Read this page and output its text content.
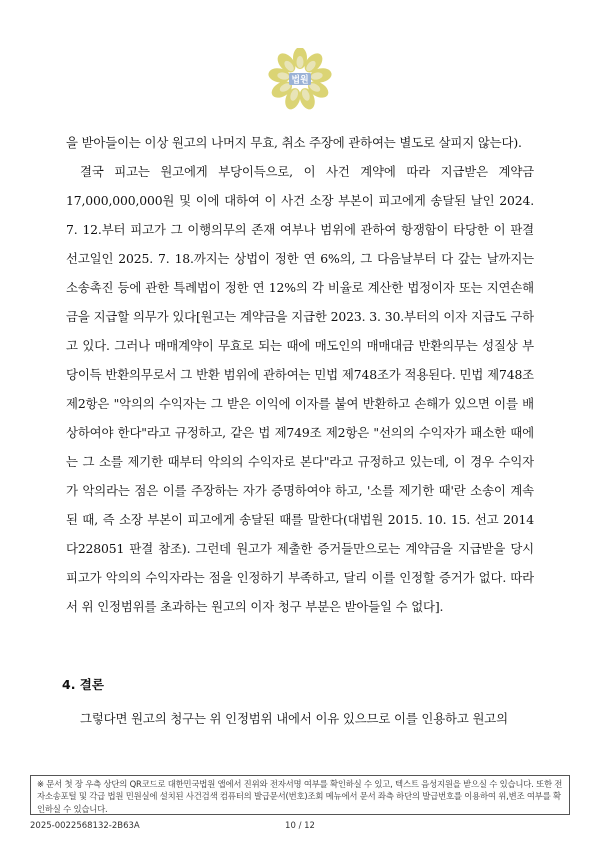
법원

을 받아들이는 이상 원고의 나머지 무효, 취소 주장에 관하여는 별도로 살피지 않는다).

결국 피고는 원고에게 부당이득으로, 이 사건 계약에 따라 지급받은 계약금 17,000,000,000원 및 이에 대하여 이 사건 소장 부본이 피고에게 송달된 날인 2024. 7. 12.부터 피고가 그 이행의무의 존재 여부나 범위에 관하여 항쟁함이 타당한 이 판결 선고일인 2025. 7. 18.까지는 상법이 정한 연 6%의, 그 다음날부터 다 갚는 날까지는 소송촉진 등에 관한 특례법이 정한 연 12%의 각 비율로 계산한 법정이자 또는 지연손해금을 지급할 의무가 있다[원고는 계약금을 지급한 2023. 3. 30.부터의 이자 지급도 구하고 있다. 그러나 매매계약이 무효로 되는 때에 매도인의 매매대금 반환의무는 성질상 부당이득 반환의무로서 그 반환 범위에 관하여는 민법 제748조가 적용된다. 민법 제748조 제2항은 "악의의 수익자는 그 받은 이익에 이자를 붙여 반환하고 손해가 있으면 이를 배상하여야 한다"라고 규정하고, 같은 법 제749조 제2항은 "선의의 수익자가 패소한 때에는 그 소를 제기한 때부터 악의의 수익자로 본다"라고 규정하고 있는데, 이 경우 수익자가 악의라는 점은 이를 주장하는 자가 증명하여야 하고, '소를 제기한 때'란 소송이 계속된 때, 즉 소장 부본이 피고에게 송달된 때를 말한다(대법원 2015. 10. 15. 선고 2014다228051 판결 참조). 그런데 원고가 제출한 증거들만으로는 계약금을 지급받을 당시 피고가 악의의 수익자라는 점을 인정하기 부족하고, 달리 이를 인정할 증거가 없다. 따라서 위 인정범위를 초과하는 원고의 이자 청구 부분은 받아들일 수 없다].

4. 결론
그렇다면 원고의 청구는 위 인정범위 내에서 이유 있으므로 이를 인용하고 원고의
※ 문서 첫 장 우측 상단의 QR코드로 대한민국법원 앱에서 진위와 전자서명 여부를 확인하실 수 있고, 텍스트 음성지원을 받으실 수 있습니다. 또한 전자소송포털 및 각급 법원 민원실에 설치된 사건검색 컴퓨터의 발급문서(번호)조회 메뉴에서 문서 좌측 하단의 발급번호를 이용하여 위,변조 여부를 확인하실 수 있습니다.
2025-0022568132-2B63A	10 / 12
